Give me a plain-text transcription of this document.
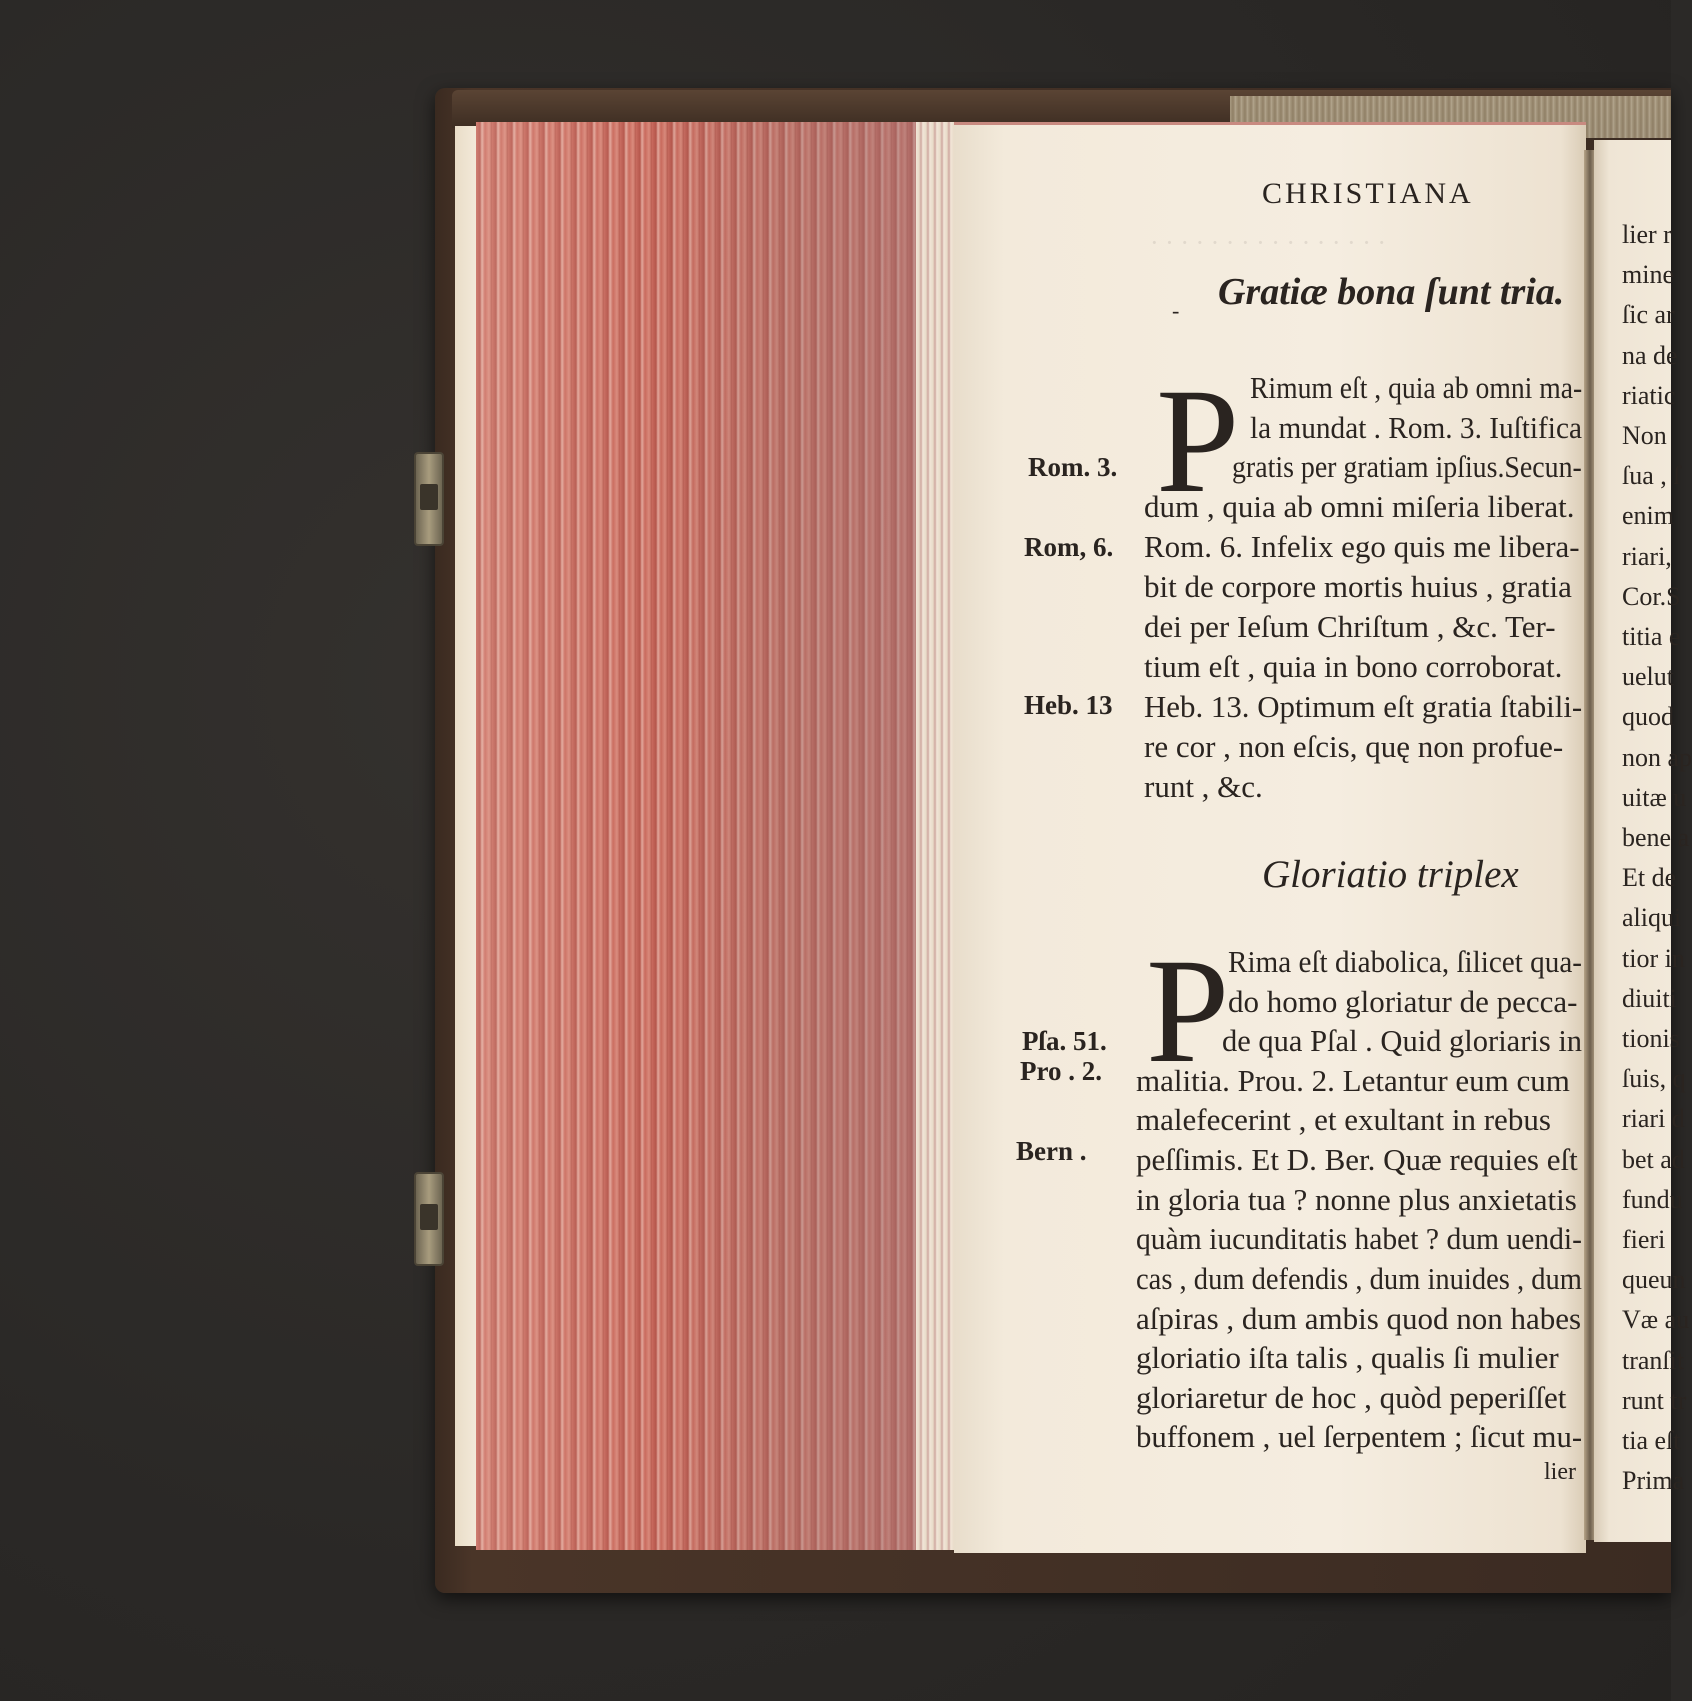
· · · · · · · · · · · · · · · ·
CHRISTIANA
- Gratiæ bona ſunt tria.
P Rimum eſt , quia ab omni ma-
la mundat . Rom. 3. Iuſtifica
gratis per gratiam ipſius.Secun-
dum , quia ab omni miſeria liberat.
Rom. 6. Infelix ego quis me libera-
bit de corpore mortis huius , gratia
dei per Ieſum Chriſtum , &c. Ter-
tium eſt , quia in bono corroborat.
Heb. 13. Optimum eſt gratia ſtabili-
re cor , non eſcis, quę non profue-
runt , &c.
Rom. 3.
Rom, 6.
Heb. 13
Gloriatio triplex
P
Rima eſt diabolica, ſilicet qua-
do homo gloriatur de pecca-
de qua Pſal . Quid gloriaris in
malitia. Prou. 2. Letantur eum cum
malefecerint , et exultant in rebus
peſſimis. Et D. Ber. Quæ requies eſt
in gloria tua ? nonne plus anxietatis
quàm iucunditatis habet ? dum uendi-
cas , dum defendis , dum inuides , dum
aſpiras , dum ambis quod non habes
gloriatio iſta talis , qualis ſi mulier
gloriaretur de hoc , quòd peperiſſet
buffonem , uel ſerpentem ; ſicut mu-
lier
Pſa. 51.
Pro . 2.
Bern .
lier r
mine
ſic ar
na de
riatic
Non
ſua , ſ
enim
riari,
Cor.S
titia e
uelut
quod
non ap
uitæ u
bene a
Et de
aliqui
tior in
diuiti
tionis
ſuis, q
riari d
bet ad
fundu
fieri
queun
Væ au
tranſit
runt tr
tia eſt
Prima
